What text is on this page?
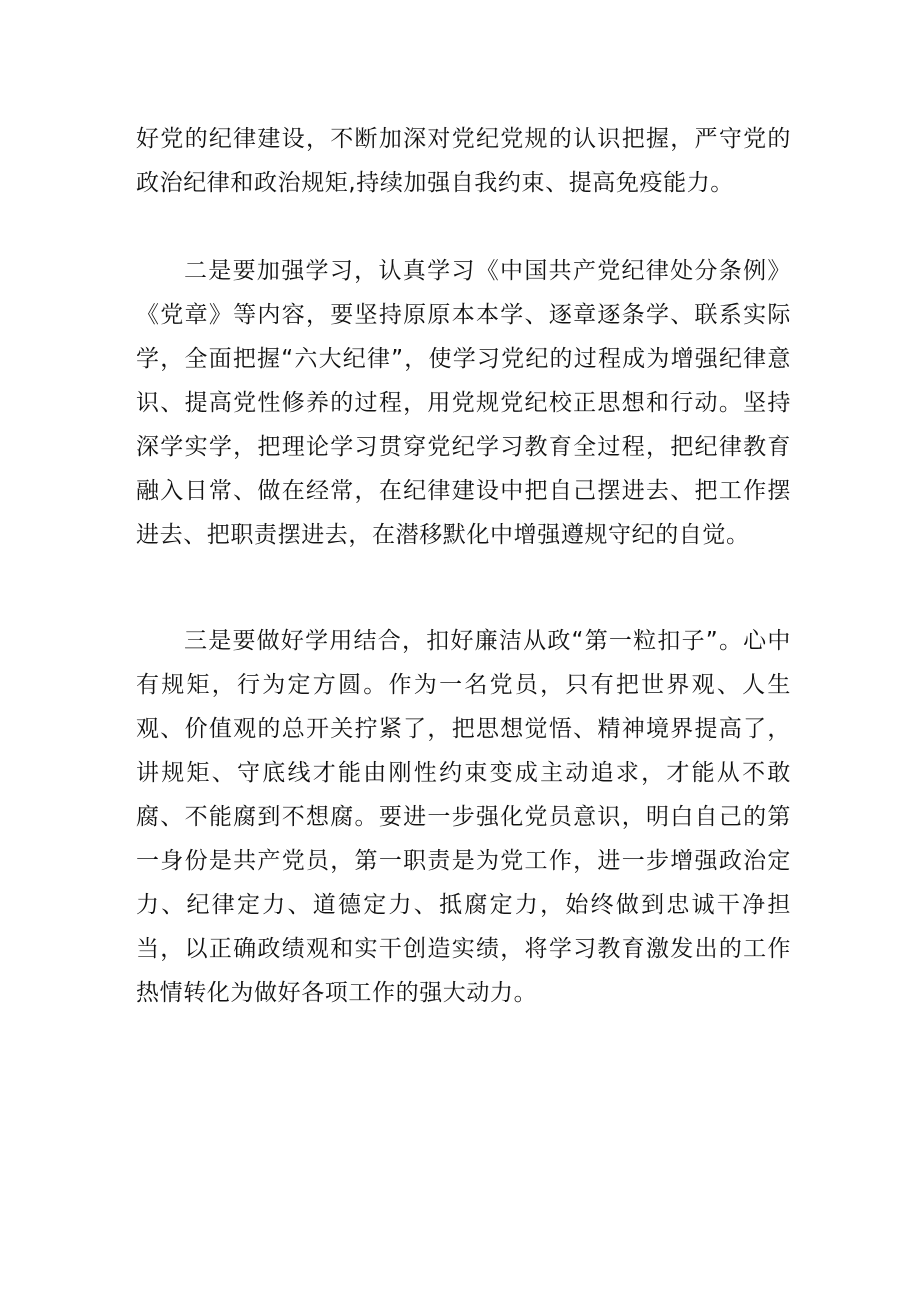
好党的纪律建设，不断加深对党纪党规的认识把握，严守党的政治纪律和政治规矩,持续加强自我约束、提高免疫能力。

二是要加强学习，认真学习《中国共产党纪律处分条例》《党章》等内容，要坚持原原本本学、逐章逐条学、联系实际学，全面把握“六大纪律”，使学习党纪的过程成为增强纪律意识、提高党性修养的过程，用党规党纪校正思想和行动。坚持深学实学，把理论学习贯穿党纪学习教育全过程，把纪律教育融入日常、做在经常，在纪律建设中把自己摆进去、把工作摆进去、把职责摆进去，在潜移默化中增强遵规守纪的自觉。

三是要做好学用结合，扣好廉洁从政“第一粒扣子”。心中有规矩，行为定方圆。作为一名党员，只有把世界观、人生观、价值观的总开关拧紧了，把思想觉悟、精神境界提高了，讲规矩、守底线才能由刚性约束变成主动追求，才能从不敢腐、不能腐到不想腐。要进一步强化党员意识，明白自己的第一身份是共产党员，第一职责是为党工作，进一步增强政治定力、纪律定力、道德定力、抵腐定力，始终做到忠诚干净担当，以正确政绩观和实干创造实绩，将学习教育激发出的工作热情转化为做好各项工作的强大动力。
